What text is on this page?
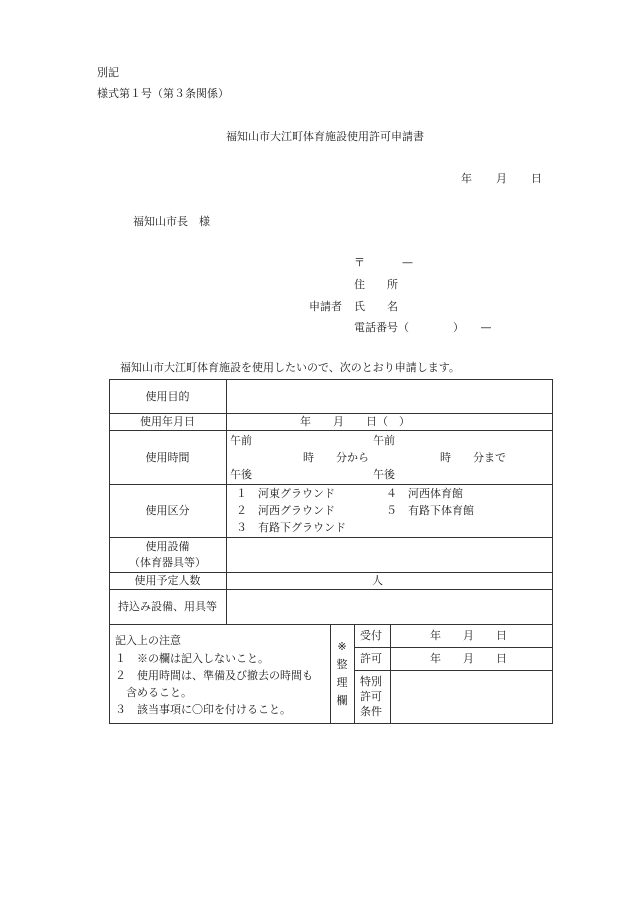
別記
様式第１号（第３条関係）
福知山市大江町体育施設使用許可申請書
年 月 日
福知山市長　様
〒	—
住　　所
申請者 氏　　名
電話番号（　　　　）　　—
福知山市大江町体育施設を使用したいので、次のとおり申請します。
使用目的
使用年月日	年　　月　　日（　）
使用時間
午前	午前
時　　分から	時　　分まで
午後	午後
使用区分
１　河東グラウンド
２　河西グラウンド
３　有路下グラウンド
４　河西体育館
５　有路下体育館
使用設備
（体育器具等）
使用予定人数	人
持込み設備、用具等
記入上の注意
１　※の欄は記入しないこと。
２　使用時間は、準備及び撤去の時間も
含めること。
３　該当事項に〇印を付けること。
※
整
理
欄
受付	年　　月　　日
許可	年　　月　　日
特別
許可
条件
